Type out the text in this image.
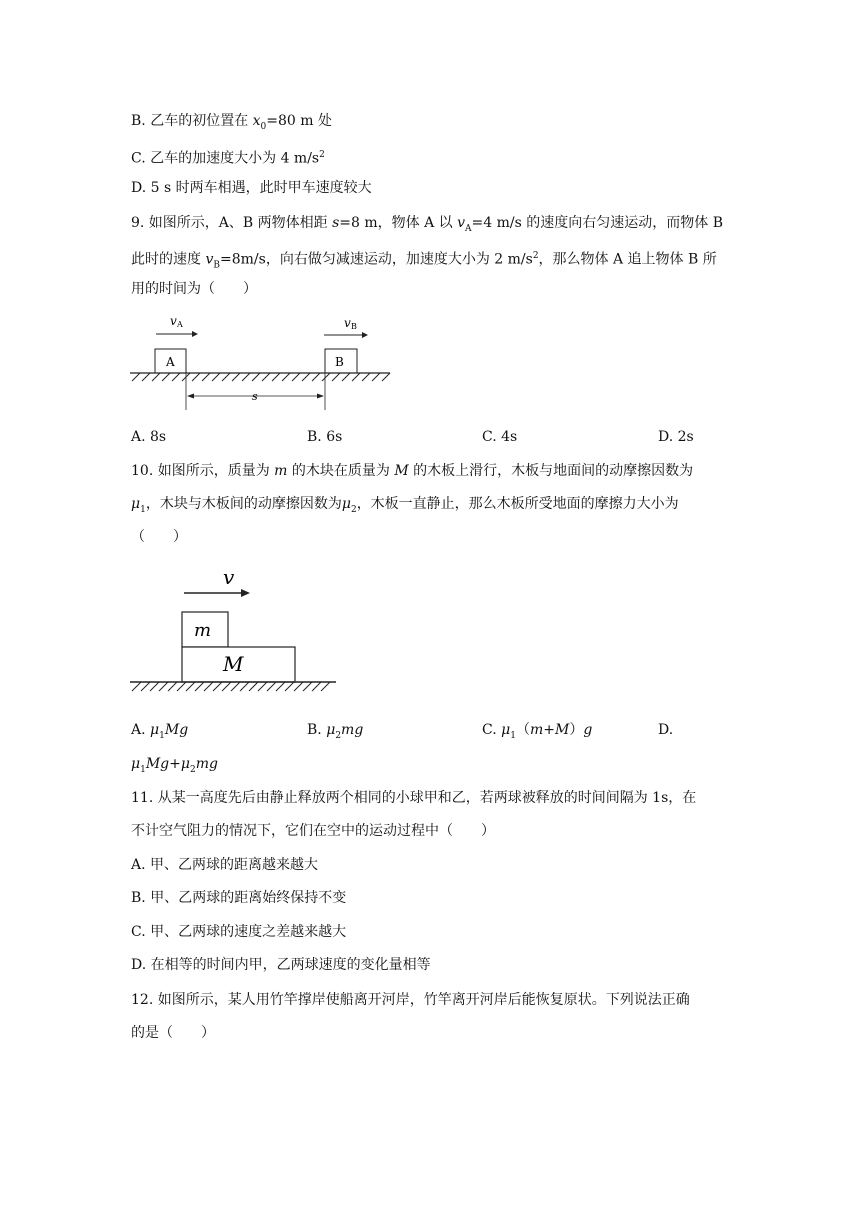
B. 乙车的初位置在 $x_0=80$ m 处
C. 乙车的加速度大小为 4 $m/s^2$
D. 5 s 时两车相遇，此时甲车速度较大
9. 如图所示，A、B 两物体相距 s=8 m，物体 A 以 $v_A=4$ m/s 的速度向右匀速运动，而物体 B
此时的速度 $v_B=8m/s$，向右做匀减速运动，加速度大小为 2 $m/s^2$，那么物体 A 追上物体 B 所
用的时间为（　　）
v A	v B
A	B
s
A. 8s	B. 6s	C. 4s	D. 2s
10. 如图所示，质量为 m 的木块在质量为 M 的木板上滑行，木板与地面间的动摩擦因数为
$\mu_1$，木块与木板间的动摩擦因数为$\mu_2$，木板一直静止，那么木板所受地面的摩擦力大小为
（　　）
v
m
M
A. $\mu_1Mg$	B. $\mu_2mg$	C. $\mu_1(m+M)g$	D.
$\mu_1Mg+\mu_2mg$
11. 从某一高度先后由静止释放两个相同的小球甲和乙，若两球被释放的时间间隔为 1s，在
不计空气阻力的情况下，它们在空中的运动过程中（　　）
A. 甲、乙两球的距离越来越大
B. 甲、乙两球的距离始终保持不变
C. 甲、乙两球的速度之差越来越大
D. 在相等的时间内甲，乙两球速度的变化量相等
12. 如图所示，某人用竹竿撑岸使船离开河岸，竹竿离开河岸后能恢复原状。下列说法正确
的是（　　）
